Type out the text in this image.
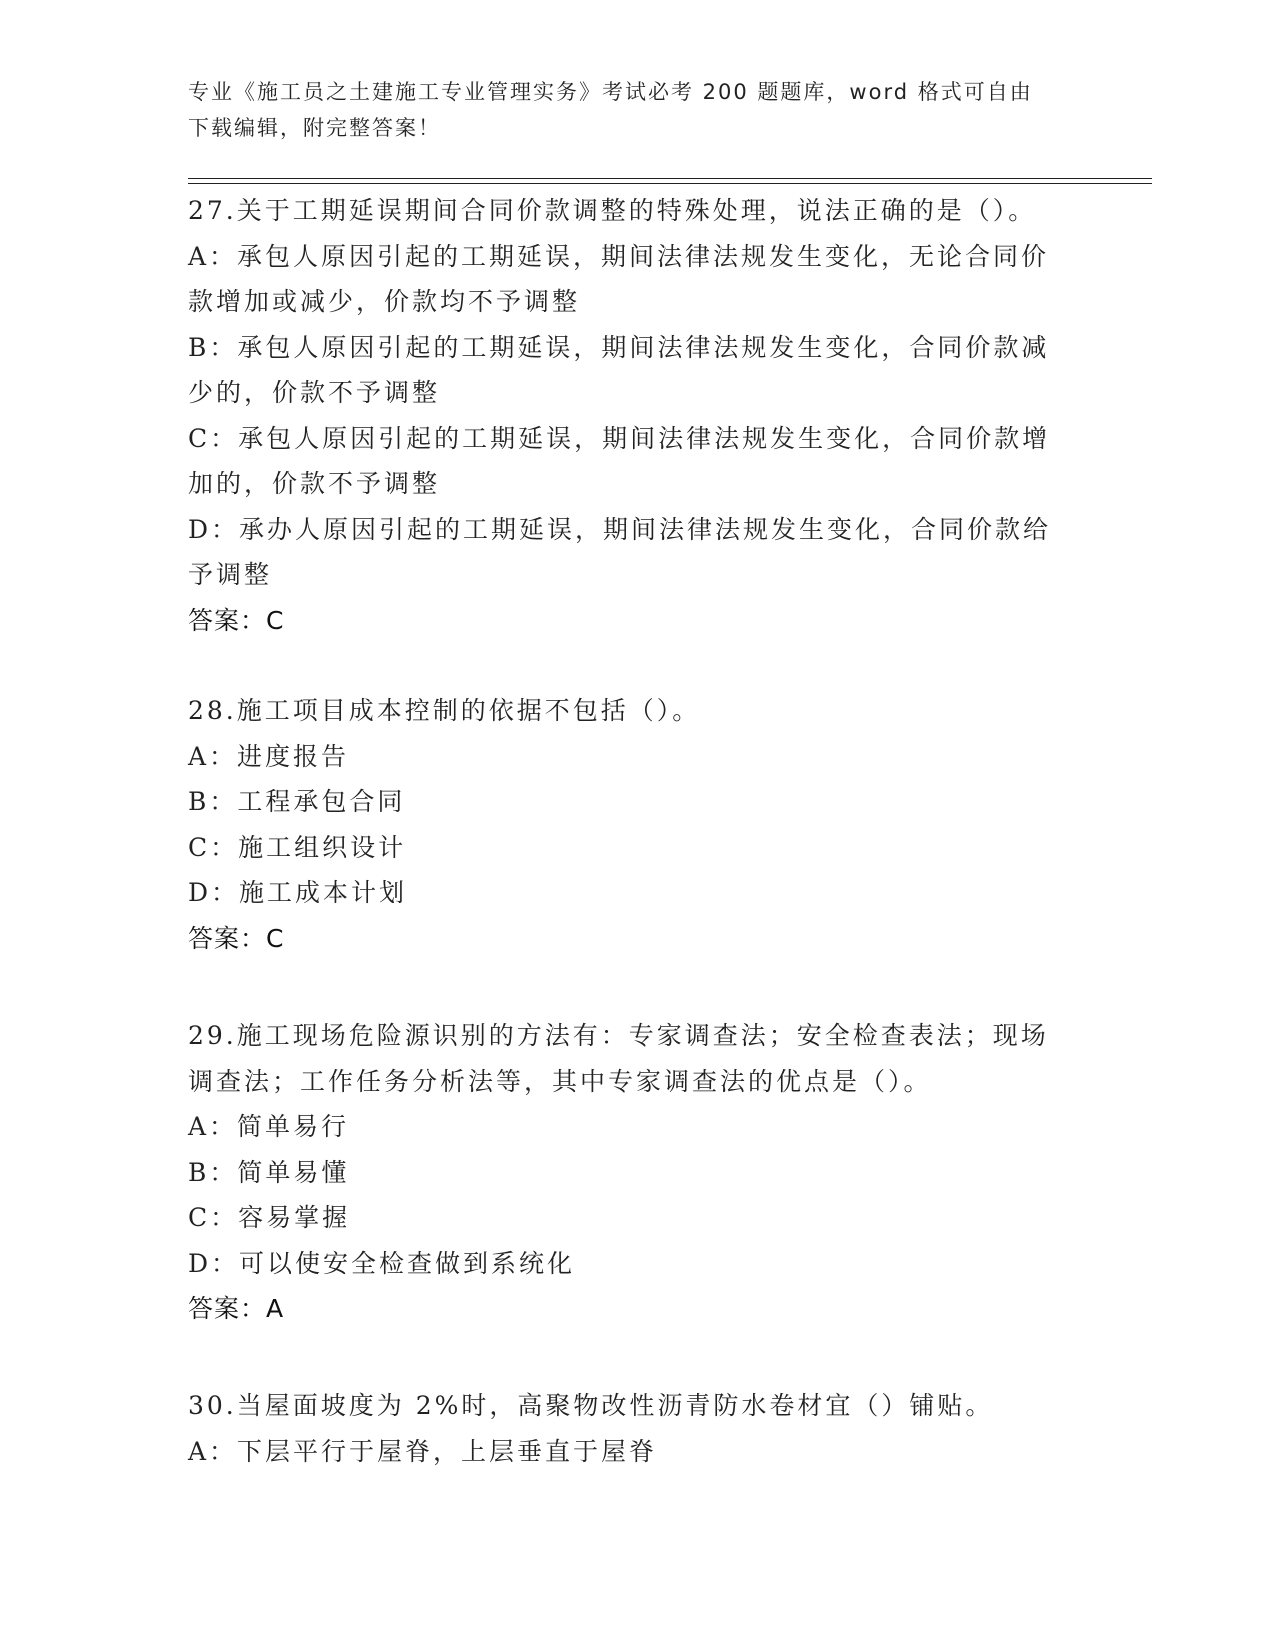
专业《施工员之土建施工专业管理实务》考试必考 200 题题库，word 格式可自由
下载编辑，附完整答案！
27.关于工期延误期间合同价款调整的特殊处理，说法正确的是（）。
A：承包人原因引起的工期延误，期间法律法规发生变化，无论合同价
款增加或减少，价款均不予调整
B：承包人原因引起的工期延误，期间法律法规发生变化，合同价款减
少的，价款不予调整
C：承包人原因引起的工期延误，期间法律法规发生变化，合同价款增
加的，价款不予调整
D：承办人原因引起的工期延误，期间法律法规发生变化，合同价款给
予调整
答案：C
28.施工项目成本控制的依据不包括（）。
A：进度报告
B：工程承包合同
C：施工组织设计
D：施工成本计划
答案：C
29.施工现场危险源识别的方法有：专家调查法；安全检查表法；现场
调查法；工作任务分析法等，其中专家调查法的优点是（）。
A：简单易行
B：简单易懂
C：容易掌握
D：可以使安全检查做到系统化
答案：A
30.当屋面坡度为 2%时，高聚物改性沥青防水卷材宜（）铺贴。
A：下层平行于屋脊，上层垂直于屋脊
